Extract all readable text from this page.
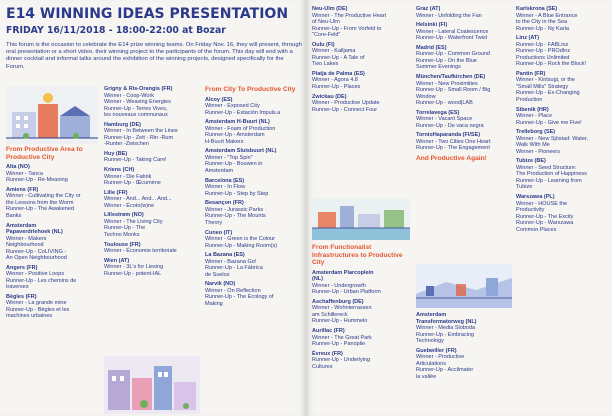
E14 WINNING IDEAS PRESENTATION
FRIDAY 16/11/2018 - 18:00-22:00 at Bozar

This forum is the occasion to celebrate the E14 prize winning teams. On Friday Nov. 16, they will present, through oral presentation or a short video, their winning project to the participants of the forum. This day will end with a dinner cocktail and informal talks around the exhibition of the winning projects, designed specifically for the Forum.

From Productive Area to Productive City
Alta (NO)
Winner - Tanca
Runner-Up - Re-Meaning
Amiens (FR)
Winner - Cultivating the City or
the Lessons from the Worm
Runner-Up - The Awakened
Banks
Amsterdam
Papaverdriehoek (NL)
Winner - Makers
Neighbourhood
Runner-Up - CoLIVING -
An Open Neighbourhood
Angers (FR)
Winner - Positive Loops
Runner-Up - Les chemins de
traverses
Bègles (FR)
Winner - La grande mine
Runner-Up - Bègles et les
machines urbaines
Grigny & Ris-Orangis (FR)
Winner - Coop-Work
Winner - Weaving Energies
Runner-Up - Terres Vives,
les nouveaux communaux
Hamburg (DE)
Winner - In Between the Lines
Runner-Up - Zeit - Rin -Rum
-Runter -Zwischen
Huy (BE)
Runner-Up - Taking Care!
Kriens (CH)
Winner - Die Fabrik
Runner-Up - Œcumène
Lille (FR)
Winner - And... And... And...
Winner - Écoto(w)ne
Lillestrøm (NO)
Winner - The Living City
Runner-Up - The
Techno Monks
Toulouse (FR)
Winner - Économie territoriale
Wien (AT)
Winner - 3L's for Liesing
Runner-Up - potent-IAL
From City To Productive City
Alcoy (ES)
Winner - Exposed City
Runner-Up - Estación Impuls.a
Amsterdam H-Buurt (NL)
Winner - Foam of Production
Runner-Up - Amsterdam
H-Buurt Makers
Amsterdam Sluisbuurt (NL)
Winner - "Top Spin"
Runner-Up - Bouwen in
Amsterdam
Barcelona (ES)
Winner - In Flow
Runner-Up - Step by Step
Besançon (FR)
Winner - Jurassic Parks
Runner-Up - The Mounts
Theory
Cuneo (IT)
Winner - Green is the Colour
Runner-Up - Making Room(s)
La Bazana (ES)
Winner - Bazana Go!
Runner-Up - La Fábrica
de Suelos
Narvik (NO)
Winner - On Reflection
Runner-Up - The Ecology of
Making
Neu-Ulm (DE)
Winner - The Productive Heart
of Neu-Ulm
Runner-Up - From Vorfeld to
"Core-Feld"
Oulu (FI)
Winner - Kalljama
Runner-Up - A Tale of
Two Lakes
Platja de Palma (ES)
Winner - Agora 4.8
Runner-Up - Places
Zwickau (DE)
Winner - Productive Update
Runner-Up - Connect Four
From Functionalist Infrastructures to Productive City
Amsterdam Piarcoplein
(NL)
Winner - Undergrowth
Runner-Up - Urban Platform
Aschaffenburg (DE)
Winner - Wohnterrassen
am Schillereck
Runner-Up - Hummelo
Aurillac (FR)
Winner - The Great Park
Runner-Up - Panoplie
Évreux (FR)
Runner-Up - Underlying
Cultures
Graz (AT)
Winner - Unfolding the Fan
Helsinki (FI)
Winner - Lateral Coalescence
Runner-Up - Waterfront Twist
Madrid (ES)
Runner-Up - Common Ground
Runner-Up - On the Blue
Summer Evenings
München/Taufkirchen (DE)
Winner - New Proximities
Runner-Up - Small Room / Big
Window
Runner-Up - wood|LAB
Torrelavega (ES)
Winner - Vacant Space
Runner-Up - De vaca negra
TornioHaparanda (FI/SE)
Winner - Two Cities One Heart
Runner-Up - The Engagement
And Productive Again!
Amsterdam
Transformatorweg (NL)
Winner - Media Sloboda
Runner-Up - Embracing
Technology
Guebwiller (FR)
Winner - Productive
Articulations
Runner-Up - Acclimater
la vallée
Karlskrona (SE)
Winner - A Blue Entrance
to the City in the Sea
Runner-Up - Ny Karla
Linz (AT)
Runner-Up - FABLinz
Runner-Up - PROdInz
Productions Unlimited
Runner-Up - Rock the Block!
Pantin (FR)
Winner - Kintsugi, or the
"Small Mills" Strategy
Runner-Up - Ex-Changing
Production
Sibenik (HR)
Winner - Place
Runner-Up - Give me Five!
Trelleborg (SE)
Winner - New Sjöstad: Water,
Walk With Me
Winner - Pioneers
Tubize (BE)
Winner - Seed Structure:
The Production of Happiness
Runner-Up - Learning from
Tubize
Warszawa (PL)
Winner - HOUSE the
Productivity
Runner-Up - The Excity
Runner-Up - Warszawa
Common Places
